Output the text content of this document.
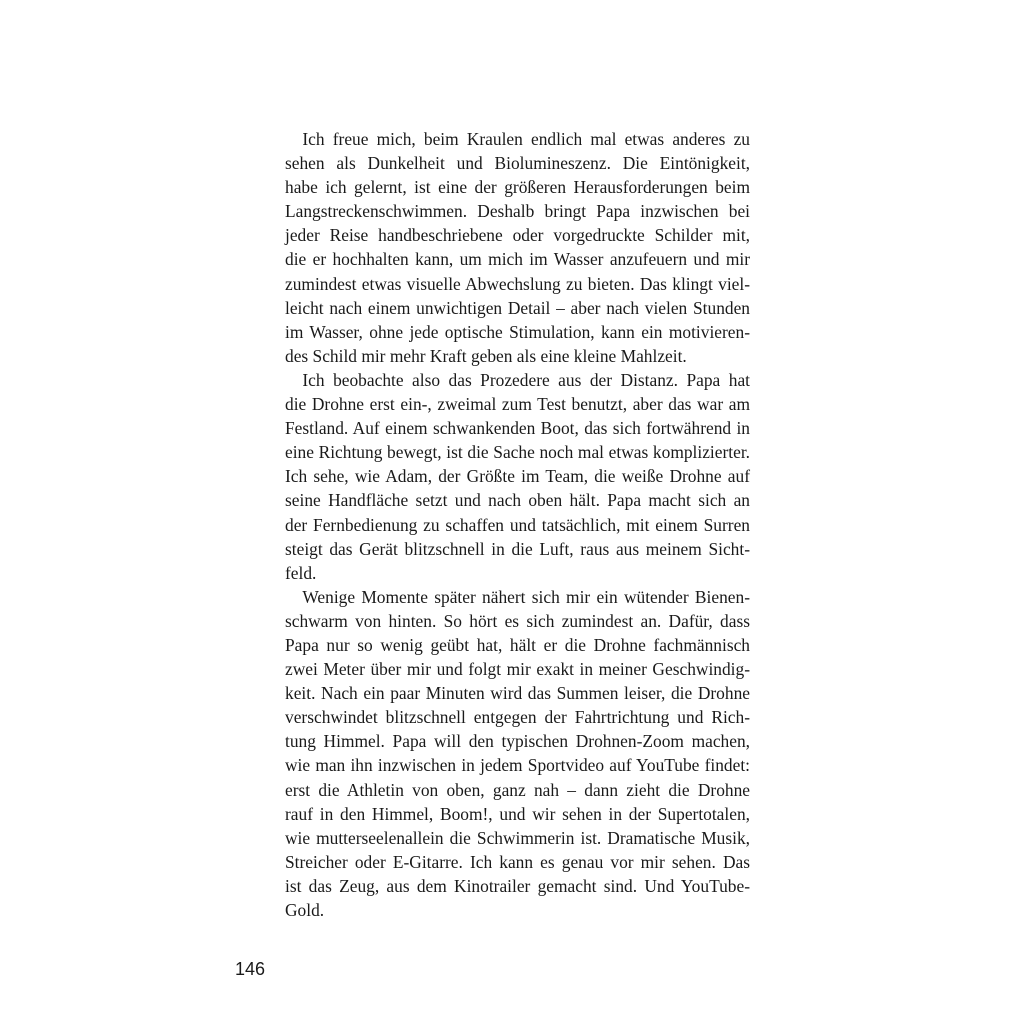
 Ich freue mich, beim Kraulen endlich mal etwas anderes zu
sehen als Dunkelheit und Biolumineszenz. Die Eintönigkeit,
habe ich gelernt, ist eine der größeren Herausforderungen beim
Langstreckenschwimmen. Deshalb bringt Papa inzwischen bei
jeder Reise handbeschriebene oder vorgedruckte Schilder mit,
die er hochhalten kann, um mich im Wasser anzufeuern und mir
zumindest etwas visuelle Abwechslung zu bieten. Das klingt viel-
leicht nach einem unwichtigen Detail – aber nach vielen Stunden
im Wasser, ohne jede optische Stimulation, kann ein motivieren-
des Schild mir mehr Kraft geben als eine kleine Mahlzeit.
 Ich beobachte also das Prozedere aus der Distanz. Papa hat
die Drohne erst ein-, zweimal zum Test benutzt, aber das war am
Festland. Auf einem schwankenden Boot, das sich fortwährend in
eine Richtung bewegt, ist die Sache noch mal etwas komplizierter.
Ich sehe, wie Adam, der Größte im Team, die weiße Drohne auf
seine Handfläche setzt und nach oben hält. Papa macht sich an
der Fernbedienung zu schaffen und tatsächlich, mit einem Surren
steigt das Gerät blitzschnell in die Luft, raus aus meinem Sicht-
feld.
 Wenige Momente später nähert sich mir ein wütender Bienen-
schwarm von hinten. So hört es sich zumindest an. Dafür, dass
Papa nur so wenig geübt hat, hält er die Drohne fachmännisch
zwei Meter über mir und folgt mir exakt in meiner Geschwindig-
keit. Nach ein paar Minuten wird das Summen leiser, die Drohne
verschwindet blitzschnell entgegen der Fahrtrichtung und Rich-
tung Himmel. Papa will den typischen Drohnen-Zoom machen,
wie man ihn inzwischen in jedem Sportvideo auf YouTube findet:
erst die Athletin von oben, ganz nah – dann zieht die Drohne
rauf in den Himmel, Boom!, und wir sehen in der Supertotalen,
wie mutterseelenallein die Schwimmerin ist. Dramatische Musik,
Streicher oder E-Gitarre. Ich kann es genau vor mir sehen. Das
ist das Zeug, aus dem Kinotrailer gemacht sind. Und YouTube-
Gold.
146
